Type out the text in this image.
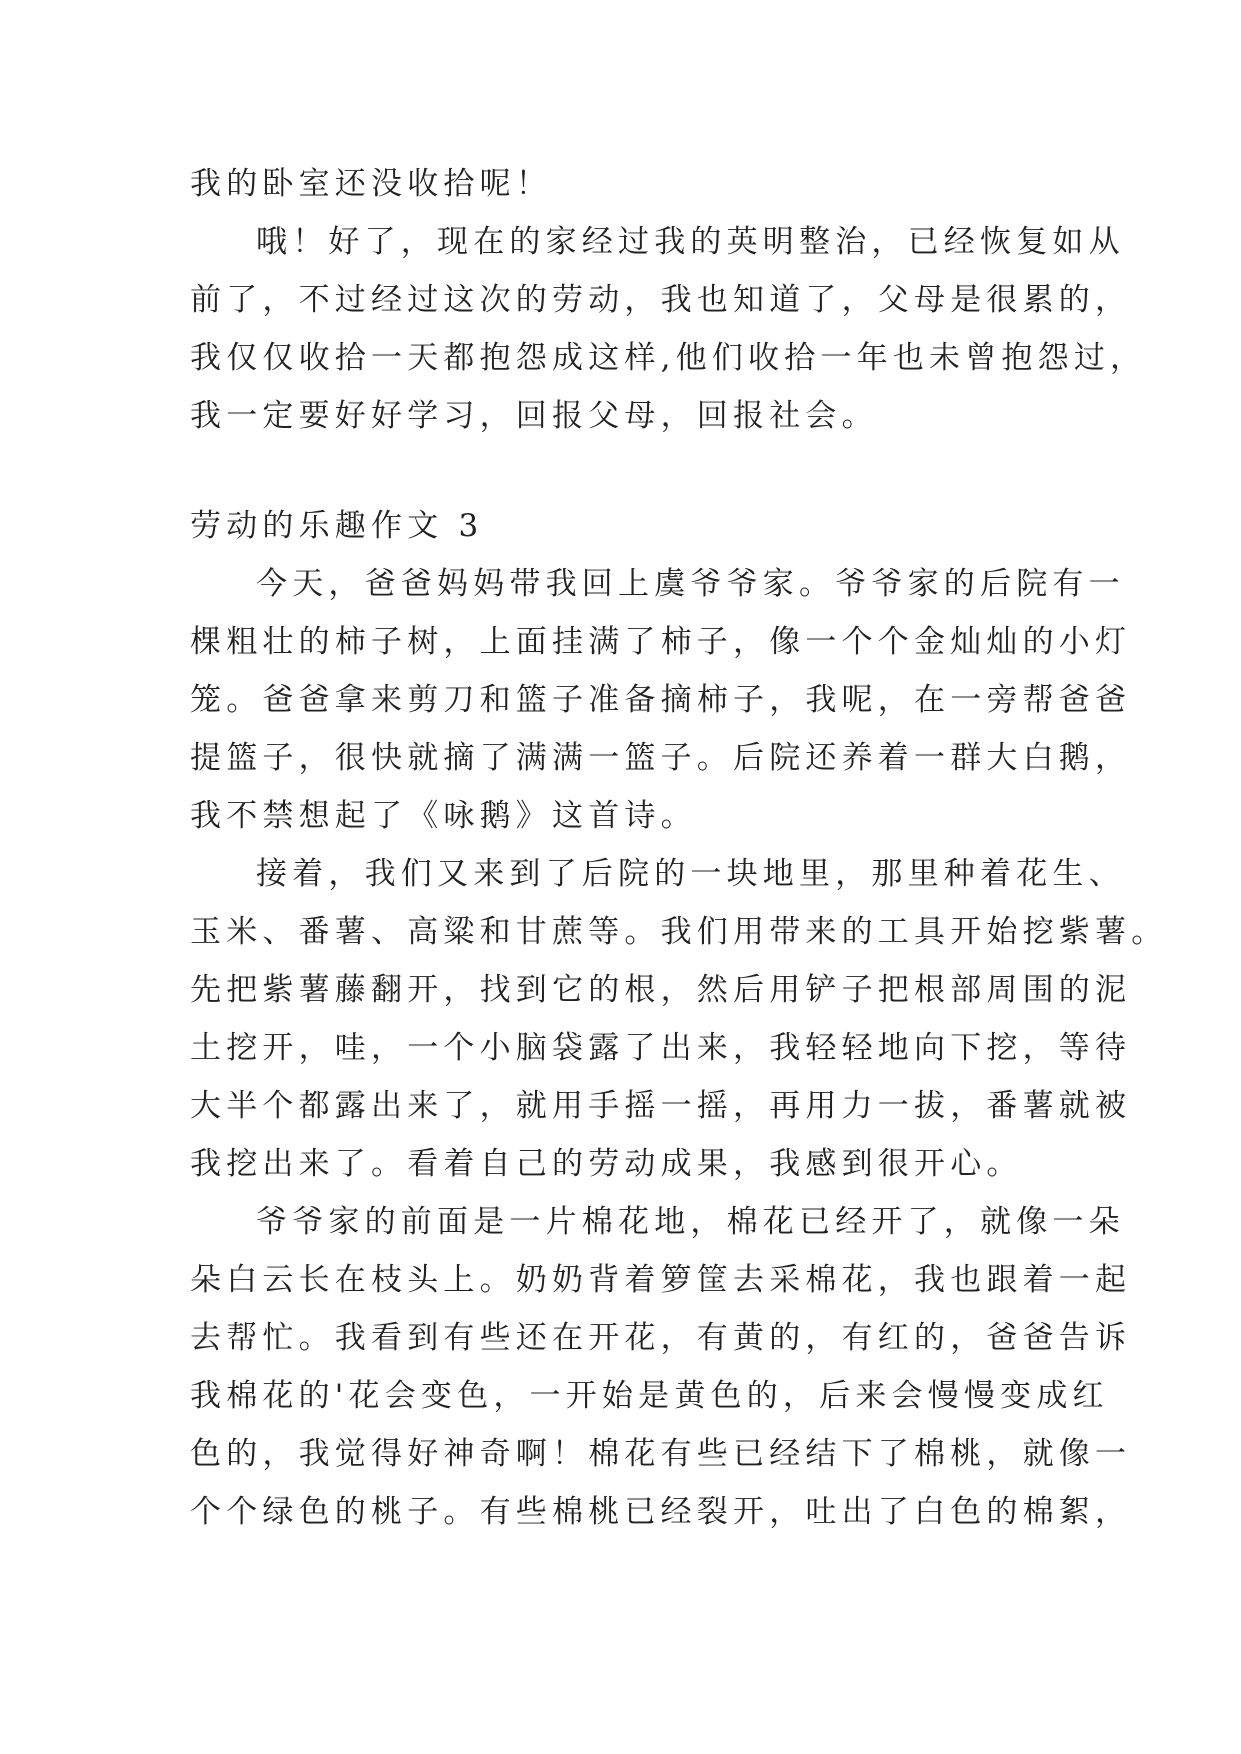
我的卧室还没收拾呢！

哦！好了，现在的家经过我的英明整治，已经恢复如从

前了，不过经过这次的劳动，我也知道了，父母是很累的，

我仅仅收拾一天都抱怨成这样,他们收拾一年也未曾抱怨过，

我一定要好好学习，回报父母，回报社会。

劳动的乐趣作文 3

今天，爸爸妈妈带我回上虞爷爷家。爷爷家的后院有一

棵粗壮的柿子树，上面挂满了柿子，像一个个金灿灿的小灯

笼。爸爸拿来剪刀和篮子准备摘柿子，我呢，在一旁帮爸爸

提篮子，很快就摘了满满一篮子。后院还养着一群大白鹅，

我不禁想起了《咏鹅》这首诗。

接着，我们又来到了后院的一块地里，那里种着花生、

玉米、番薯、高粱和甘蔗等。我们用带来的工具开始挖紫薯。

先把紫薯藤翻开，找到它的根，然后用铲子把根部周围的泥

土挖开，哇，一个小脑袋露了出来，我轻轻地向下挖，等待

大半个都露出来了，就用手摇一摇，再用力一拔，番薯就被

我挖出来了。看着自己的劳动成果，我感到很开心。

爷爷家的前面是一片棉花地，棉花已经开了，就像一朵

朵白云长在枝头上。奶奶背着箩筐去采棉花，我也跟着一起

去帮忙。我看到有些还在开花，有黄的，有红的，爸爸告诉

我棉花的'花会变色，一开始是黄色的，后来会慢慢变成红

色的，我觉得好神奇啊！棉花有些已经结下了棉桃，就像一

个个绿色的桃子。有些棉桃已经裂开，吐出了白色的棉絮，
